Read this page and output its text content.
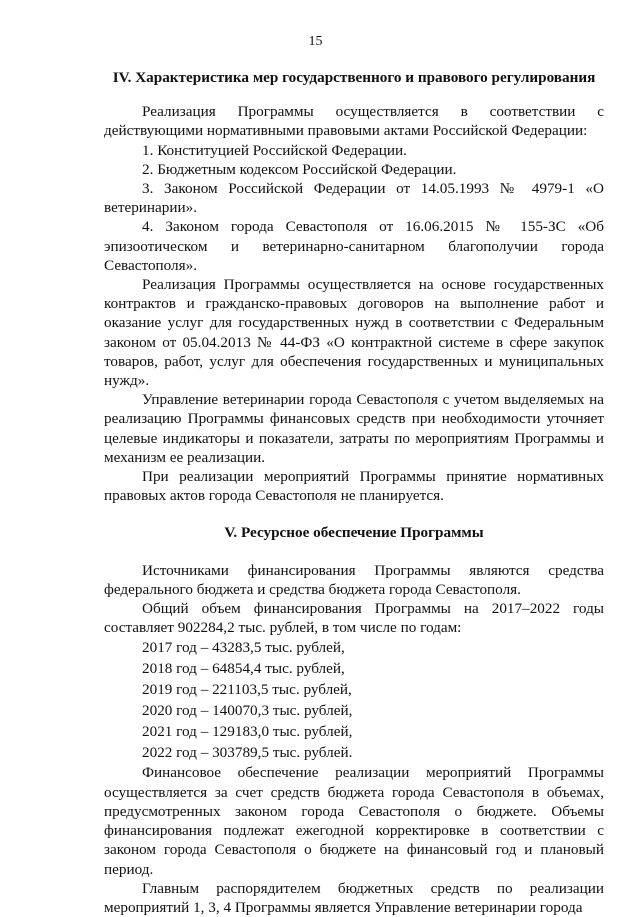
15
IV. Характеристика мер государственного и правового регулирования

Реализация Программы осуществляется в соответствии с действующими нормативными правовыми актами Российской Федерации:

1. Конституцией Российской Федерации.

2. Бюджетным кодексом Российской Федерации.

3. Законом Российской Федерации от 14.05.1993 № 4979-1 «О ветеринарии».

4. Законом города Севастополя от 16.06.2015 № 155-ЗС «Об эпизоотическом и ветеринарно-санитарном благополучии города Севастополя».

Реализация Программы осуществляется на основе государственных контрактов и гражданско-правовых договоров на выполнение работ и оказание услуг для государственных нужд в соответствии с Федеральным законом от 05.04.2013 № 44-ФЗ «О контрактной системе в сфере закупок товаров, работ, услуг для обеспечения государственных и муниципальных нужд».

Управление ветеринарии города Севастополя с учетом выделяемых на реализацию Программы финансовых средств при необходимости уточняет целевые индикаторы и показатели, затраты по мероприятиям Программы и механизм ее реализации.

При реализации мероприятий Программы принятие нормативных правовых актов города Севастополя не планируется.

V. Ресурсное обеспечение Программы

Источниками финансирования Программы являются средства федерального бюджета и средства бюджета города Севастополя.

Общий объем финансирования Программы на 2017–2022 годы составляет 902284,2 тыс. рублей, в том числе по годам:

2017 год – 43283,5 тыс. рублей,
2018 год – 64854,4 тыс. рублей,
2019 год – 221103,5 тыс. рублей,
2020 год – 140070,3 тыс. рублей,
2021 год – 129183,0 тыс. рублей,
2022 год – 303789,5 тыс. рублей.

Финансовое обеспечение реализации мероприятий Программы осуществляется за счет средств бюджета города Севастополя в объемах, предусмотренных законом города Севастополя о бюджете. Объемы финансирования подлежат ежегодной корректировке в соответствии с законом города Севастополя о бюджете на финансовый год и плановый период.

Главным распорядителем бюджетных средств по реализации мероприятий 1, 3, 4 Программы является Управление ветеринарии города
